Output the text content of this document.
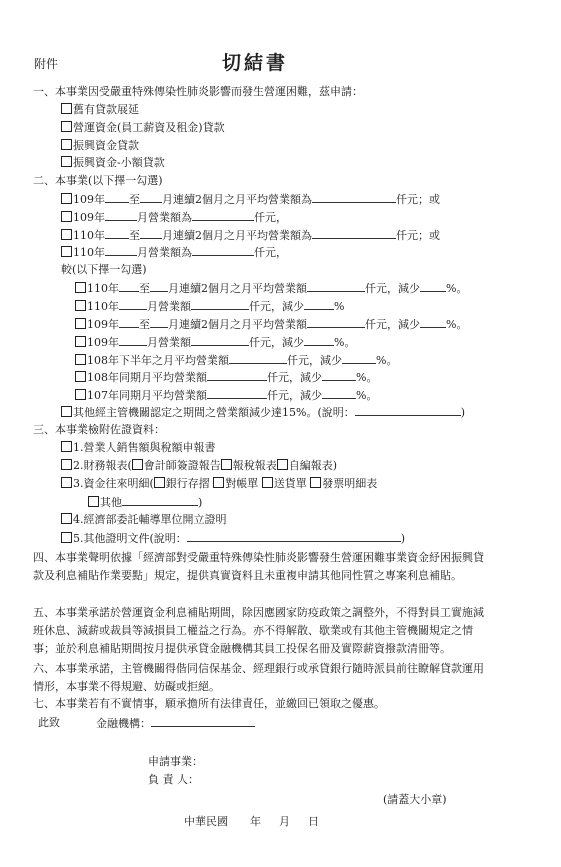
附件	切結書
一、本事業因受嚴重特殊傳染性肺炎影響而發生營運困難，茲申請：
舊有貸款展延
營運資金(員工薪資及租金)貸款
振興資金貸款
振興資金-小額貸款
二、本事業(以下擇一勾選)
109年 至 月連續2個月之月平均營業額為	仟元；或
109年	月營業額為	仟元，
110年 至 月連續2個月之月平均營業額為	仟元；或
110年	月營業額為	仟元，
較(以下擇一勾選)
110年 至 月連續2個月之月平均營業額	仟元，減少 %。
110年	月營業額	仟元，減少	%
109年 至 月連續2個月之月平均營業額	仟元，減少 %。
109年	月營業額	仟元，減少	%。
108年下半年之月平均營業額	仟元，減少	%。
108年同期月平均營業額	仟元，減少	%。
107年同期月平均營業額	仟元，減少	%。
其他經主管機關認定之期間之營業額減少達15%。(說明：	)
三、本事業檢附佐證資料：
1.營業人銷售額與稅額申報書
2.財務報表( 會計師簽證報告 報稅報表 自編報表)
3.資金往來明細( 銀行存摺 對帳單 送貨單 發票明細表
其他	)
4.經濟部委託輔導單位開立證明
5.其他證明文件(說明：	)
四、本事業聲明依據「經濟部對受嚴重特殊傳染性肺炎影響發生營運困難事業資金紓困振興貸款及利息補貼作業要點」規定，提供真實資料且未重複申請其他同性質之專案利息補貼。
五、本事業承諾於營運資金利息補貼期間，除因應國家防疫政策之調整外，不得對員工實施減班休息、減薪或裁員等減損員工權益之行為。亦不得解散、歇業或有其他主管機關規定之情事；並於利息補貼期間按月提供承貸金融機構其員工投保名冊及實際薪資撥款清冊等。
六、本事業承諾，主管機關得偕同信保基金、經理銀行或承貸銀行隨時派員前往瞭解貸款運用情形，本事業不得規避、妨礙或拒絕。
七、本事業若有不實情事，願承擔所有法律責任，並繳回已領取之優惠。
此致	金融機構：
申請事業：
負 責 人：
(請蓋大小章)
中華民國 年 月 日
